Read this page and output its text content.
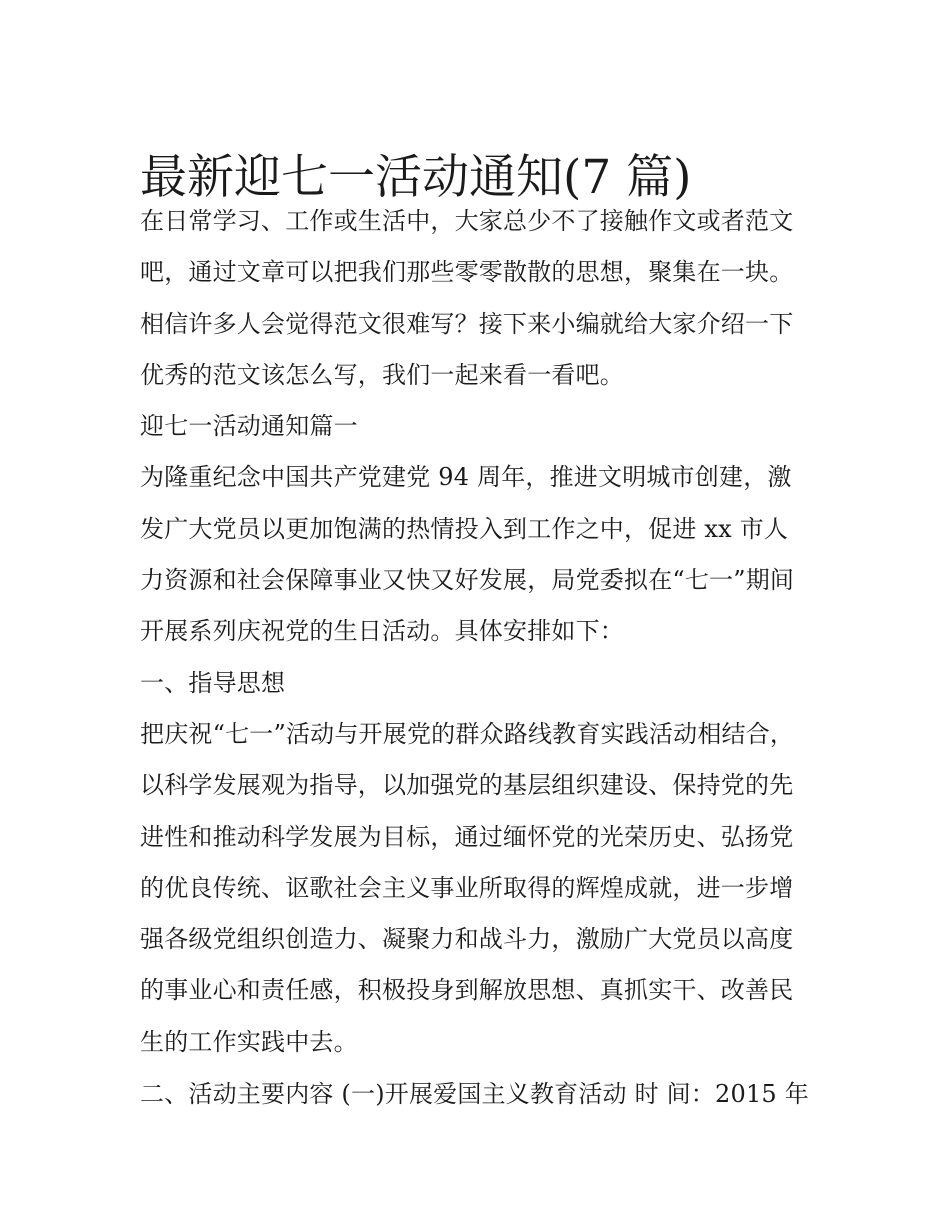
最新迎七一活动通知(7 篇)
在日常学习、工作或生活中，大家总少不了接触作文或者范文
吧，通过文章可以把我们那些零零散散的思想，聚集在一块。
相信许多人会觉得范文很难写？接下来小编就给大家介绍一下
优秀的范文该怎么写，我们一起来看一看吧。
迎七一活动通知篇一
为隆重纪念中国共产党建党 94 周年，推进文明城市创建，激
发广大党员以更加饱满的热情投入到工作之中，促进 xx 市人
力资源和社会保障事业又快又好发展，局党委拟在“七一”期间
开展系列庆祝党的生日活动。具体安排如下：
一、指导思想
把庆祝“七一”活动与开展党的群众路线教育实践活动相结合，
以科学发展观为指导，以加强党的基层组织建设、保持党的先
进性和推动科学发展为目标，通过缅怀党的光荣历史、弘扬党
的优良传统、讴歌社会主义事业所取得的辉煌成就，进一步增
强各级党组织创造力、凝聚力和战斗力，激励广大党员以高度
的事业心和责任感，积极投身到解放思想、真抓实干、改善民
生的工作实践中去。
二、活动主要内容 (一)开展爱国主义教育活动 时 间：2015 年
